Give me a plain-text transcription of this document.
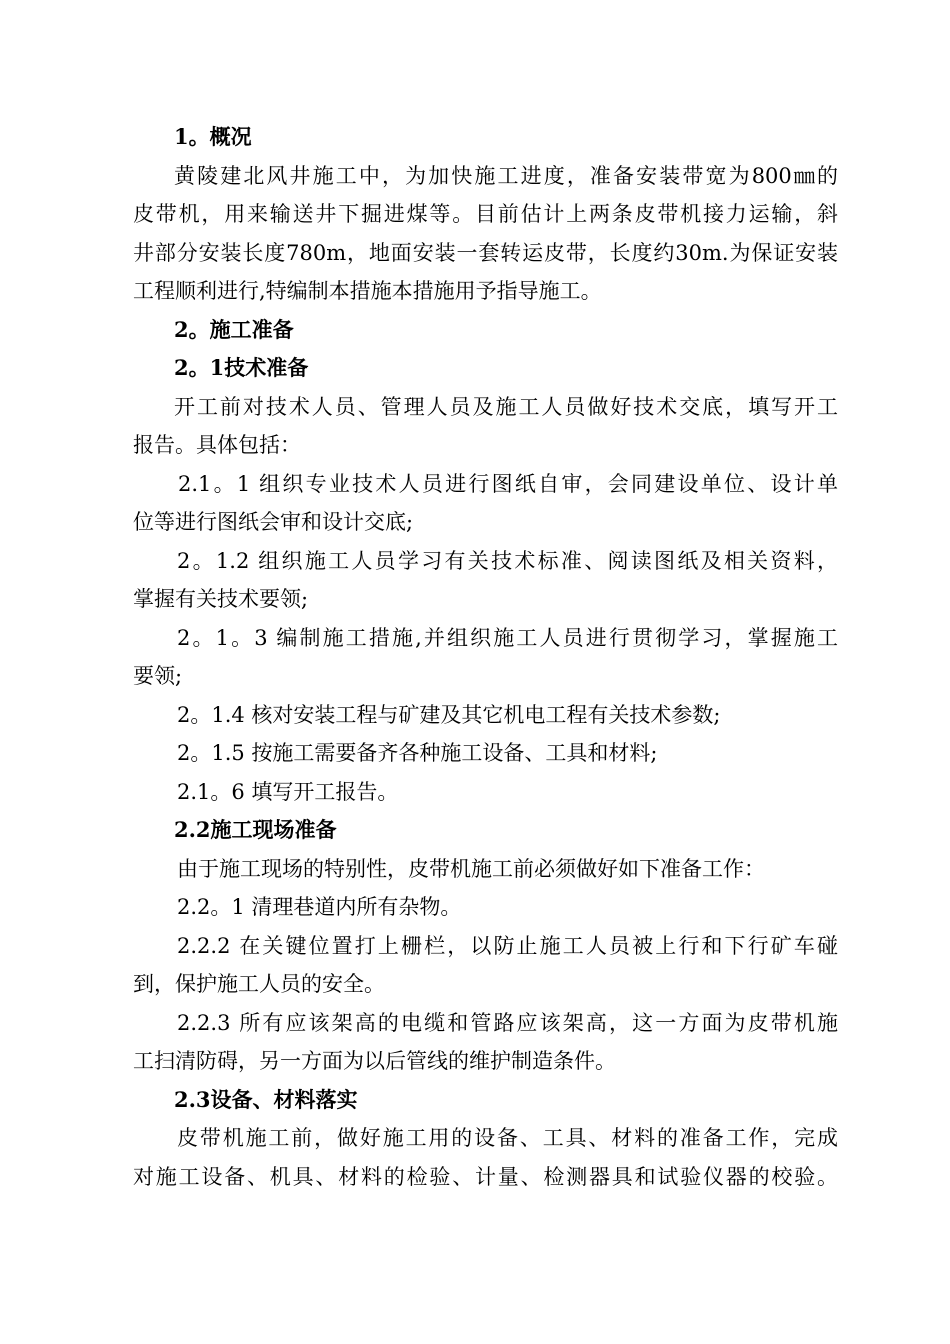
1。概况
黄陵建北风井施工中，为加快施工进度，准备安装带宽为800㎜的
皮带机，用来输送井下掘进煤等。目前估计上两条皮带机接力运输，斜
井部分安装长度780m，地面安装一套转运皮带，长度约30m.为保证安装
工程顺利进行,特编制本措施本措施用予指导施工。
2。施工准备
2。1技术准备
开工前对技术人员、管理人员及施工人员做好技术交底，填写开工
报告。具体包括：
2.1。1 组织专业技术人员进行图纸自审，会同建设单位、设计单
位等进行图纸会审和设计交底;
2。1.2 组织施工人员学习有关技术标准、阅读图纸及相关资料，
掌握有关技术要领;
2。1。3 编制施工措施,并组织施工人员进行贯彻学习，掌握施工
要领;
2。1.4 核对安装工程与矿建及其它机电工程有关技术参数;
2。1.5 按施工需要备齐各种施工设备、工具和材料;
2.1。6 填写开工报告。
2.2施工现场准备
由于施工现场的特别性，皮带机施工前必须做好如下准备工作：
2.2。1 清理巷道内所有杂物。
2.2.2 在关键位置打上栅栏，以防止施工人员被上行和下行矿车碰
到，保护施工人员的安全。
2.2.3 所有应该架高的电缆和管路应该架高，这一方面为皮带机施
工扫清防碍，另一方面为以后管线的维护制造条件。
2.3设备、材料落实
皮带机施工前，做好施工用的设备、工具、材料的准备工作，完成
对施工设备、机具、材料的检验、计量、检测器具和试验仪器的校验。
